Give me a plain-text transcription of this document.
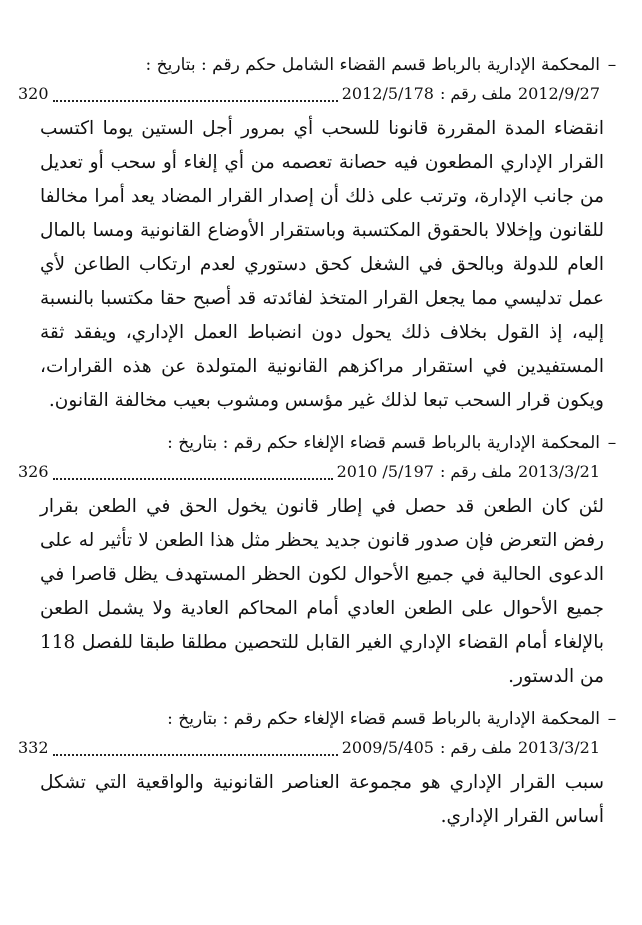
–
المحكمة الإدارية بالرباط قسم القضاء الشامل حكم رقم : بتاريخ :
2012/9/27
ملف رقم :
2012/5/178
320
انقضاء المدة المقررة قانونا للسحب أي بمرور أجل الستين يوما اكتسب القرار الإداري المطعون فيه حصانة تعصمه من أي إلغاء أو سحب أو تعديل من جانب الإدارة، وترتب على ذلك أن إصدار القرار المضاد يعد أمرا مخالفا للقانون وإخلالا بالحقوق المكتسبة وباستقرار الأوضاع القانونية ومسا بالمال العام للدولة وبالحق في الشغل كحق دستوري لعدم ارتكاب الطاعن لأي عمل تدليسي مما يجعل القرار المتخذ لفائدته قد أصبح حقا مكتسبا بالنسبة إليه، إذ القول بخلاف ذلك يحول دون انضباط العمل الإداري، ويفقد ثقة المستفيدين في استقرار مراكزهم القانونية المتولدة عن هذه القرارات، ويكون قرار السحب تبعا لذلك غير مؤسس ومشوب بعيب مخالفة القانون.
–
المحكمة الإدارية بالرباط قسم قضاء الإلغاء حكم رقم : بتاريخ :
2013/3/21
ملف رقم :
2010 /5/197
326
لئن كان الطعن قد حصل في إطار قانون يخول الحق في الطعن بقرار رفض التعرض فإن صدور قانون جديد يحظر مثل هذا الطعن لا تأثير له على الدعوى الحالية في جميع الأحوال لكون الحظر المستهدف يظل قاصرا في جميع الأحوال على الطعن العادي أمام المحاكم العادية ولا يشمل الطعن بالإلغاء أمام القضاء الإداري الغير القابل للتحصين مطلقا طبقا للفصل 118 من الدستور.
–
المحكمة الإدارية بالرباط قسم قضاء الإلغاء حكم رقم : بتاريخ :
2013/3/21
ملف رقم :
2009/5/405
332
سبب القرار الإداري هو مجموعة العناصر القانونية والواقعية التي تشكل أساس القرار الإداري.
